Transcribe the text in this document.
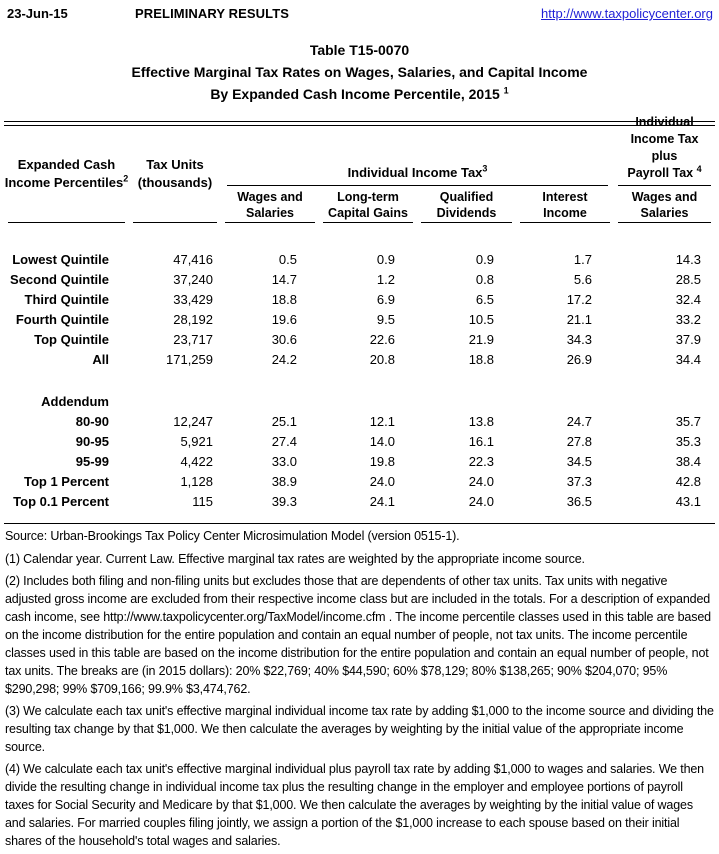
23-Jun-15	PRELIMINARY RESULTS	http://www.taxpolicycenter.org
Table T15-0070
Effective Marginal Tax Rates on Wages, Salaries, and Capital Income
By Expanded Cash Income Percentile, 2015 $^1$
Expanded Cash
Income Percentiles$^2$
Tax Units
(thousands)
Individual Income Tax$^3$
Individual
Income Tax plus
Payroll Tax $^4$
Wages and
Salaries
Long-term
Capital Gains
Qualified
Dividends
Interest
Income
Wages and
Salaries
Lowest Quintile	47,416	0.5	0.9	0.9	1.7	14.3
Second Quintile	37,240	14.7	1.2	0.8	5.6	28.5
Third Quintile	33,429	18.8	6.9	6.5	17.2	32.4
Fourth Quintile	28,192	19.6	9.5	10.5	21.1	33.2
Top Quintile	23,717	30.6	22.6	21.9	34.3	37.9
All	171,259	24.2	20.8	18.8	26.9	34.4
Addendum
80-90	12,247	25.1	12.1	13.8	24.7	35.7
90-95	5,921	27.4	14.0	16.1	27.8	35.3
95-99	4,422	33.0	19.8	22.3	34.5	38.4
Top 1 Percent	1,128	38.9	24.0	24.0	37.3	42.8
Top 0.1 Percent	115	39.3	24.1	24.0	36.5	43.1

Source: Urban-Brookings Tax Policy Center Microsimulation Model (version 0515-1).

(1) Calendar year. Current Law. Effective marginal tax rates are weighted by the appropriate income source.

(2) Includes both filing and non-filing units but excludes those that are dependents of other tax units. Tax units with negative adjusted gross income are excluded from their respective income class but are included in the totals. For a description of expanded cash income, see http://www.taxpolicycenter.org/TaxModel/income.cfm . The income percentile classes used in this table are based on the income distribution for the entire population and contain an equal number of people, not tax units. The income percentile classes used in this table are based on the income distribution for the entire population and contain an equal number of people, not tax units. The breaks are (in 2015 dollars): 20% $22,769; 40% $44,590; 60% $78,129; 80% $138,265; 90% $204,070; 95% $290,298; 99% $709,166; 99.9% $3,474,762.

(3) We calculate each tax unit's effective marginal individual income tax rate by adding $1,000 to the income source and dividing the resulting tax change by that $1,000. We then calculate the averages by weighting by the initial value of the appropriate income source.

(4) We calculate each tax unit's effective marginal individual plus payroll tax rate by adding $1,000 to wages and salaries. We then divide the resulting change in individual income tax plus the resulting change in the employer and employee portions of payroll taxes for Social Security and Medicare by that $1,000. We then calculate the averages by weighting by the initial value of wages and salaries. For married couples filing jointly, we assign a portion of the $1,000 increase to each spouse based on their initial shares of the household's total wages and salaries.
